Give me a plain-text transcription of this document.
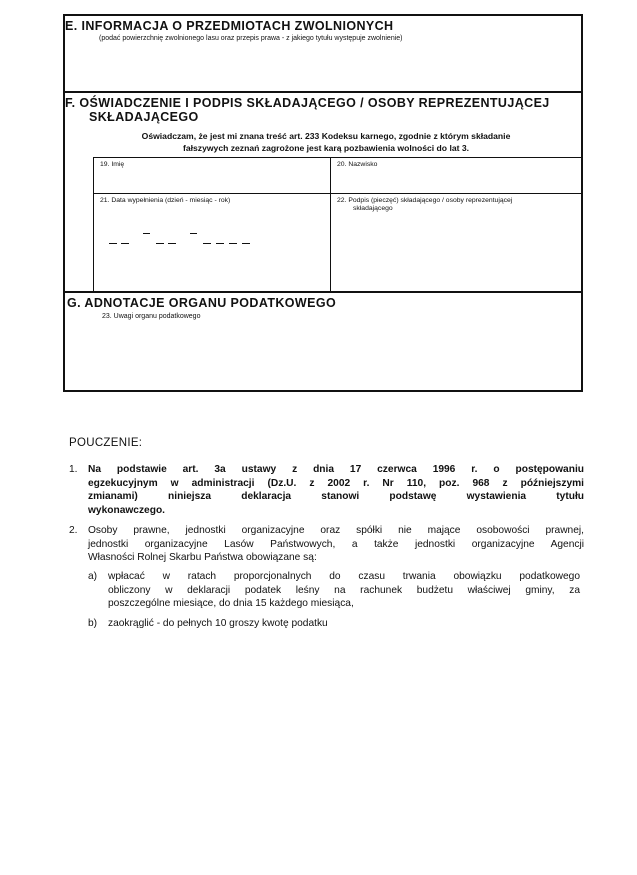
E. INFORMACJA O PRZEDMIOTACH ZWOLNIONYCH
(podać powierzchnię zwolnionego lasu oraz przepis prawa - z jakiego tytułu występuje zwolnienie)
F. OŚWIADCZENIE I PODPIS SKŁADAJĄCEGO / OSOBY REPREZENTUJĄCEJ
SKŁADAJĄCEGO
Oświadczam, że jest mi znana treść art. 233 Kodeksu karnego, zgodnie z którym składanie
fałszywych zeznań zagrożone jest karą pozbawienia wolności do lat 3.
19. Imię	20. Nazwisko
21. Data wypełnienia (dzień - miesiąc - rok)	22. Podpis (pieczęć) składającego / osoby reprezentującej
składającego
G. ADNOTACJE ORGANU PODATKOWEGO
23. Uwagi organu podatkowego
POUCZENIE:
1. Na podstawie art. 3a ustawy z dnia 17 czerwca 1996 r. o postępowaniu
egzekucyjnym w administracji (Dz.U. z 2002 r. Nr 110, poz. 968 z późniejszymi
zmianami) niniejsza deklaracja stanowi podstawę wystawienia tytułu
wykonawczego.
2. Osoby prawne, jednostki organizacyjne oraz spółki nie mające osobowości prawnej,
jednostki organizacyjne Lasów Państwowych, a także jednostki organizacyjne Agencji
Własności Rolnej Skarbu Państwa obowiązane są:
a) wpłacać w ratach proporcjonalnych do czasu trwania obowiązku podatkowego
obliczony w deklaracji podatek leśny na rachunek budżetu właściwej gminy, za
poszczególne miesiące, do dnia 15 każdego miesiąca,
b) zaokrąglić - do pełnych 10 groszy kwotę podatku
